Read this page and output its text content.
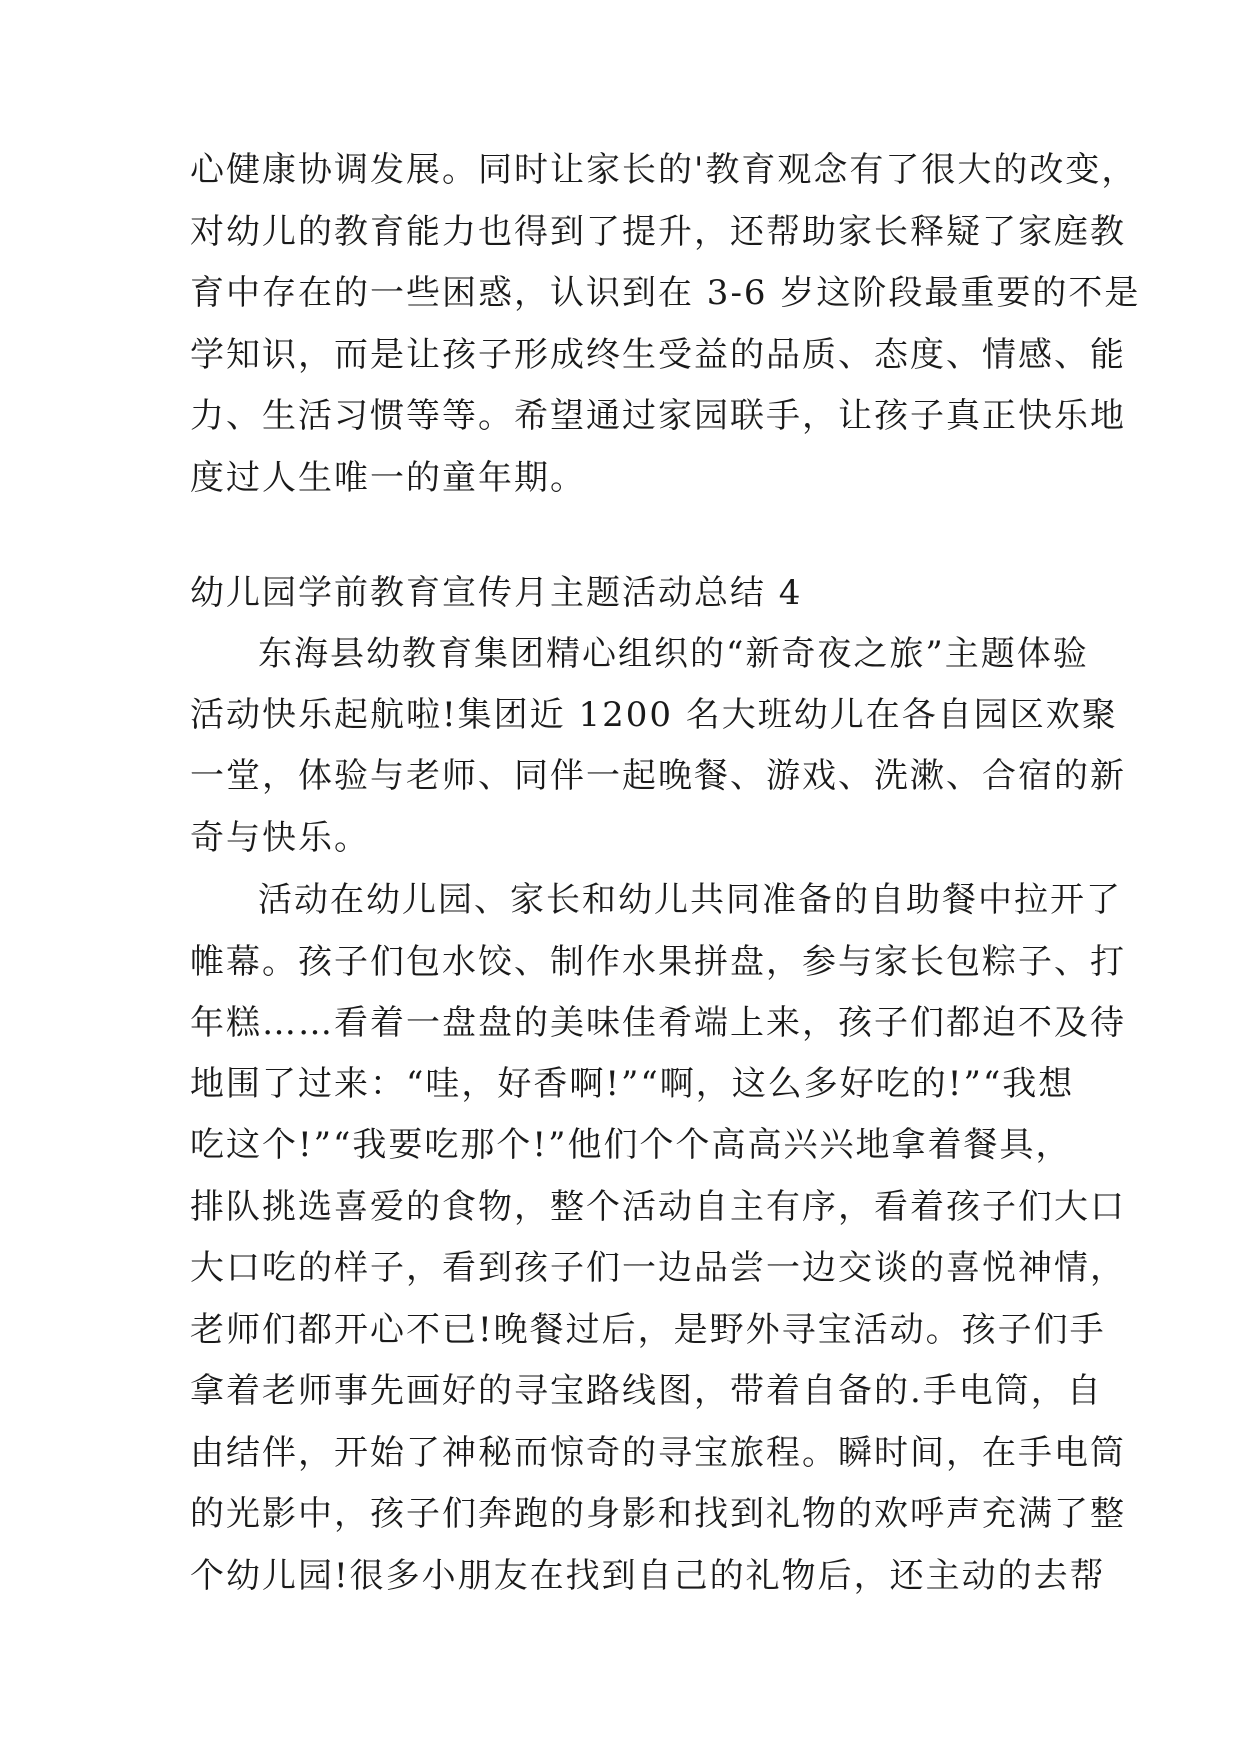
心健康协调发展。同时让家长的'教育观念有了很大的改变，
对幼儿的教育能力也得到了提升，还帮助家长释疑了家庭教
育中存在的一些困惑，认识到在 3-6 岁这阶段最重要的不是
学知识，而是让孩子形成终生受益的品质、态度、情感、能
力、生活习惯等等。希望通过家园联手，让孩子真正快乐地
度过人生唯一的童年期。
幼儿园学前教育宣传月主题活动总结 4
东海县幼教育集团精心组织的“新奇夜之旅”主题体验
活动快乐起航啦!集团近 1200 名大班幼儿在各自园区欢聚
一堂，体验与老师、同伴一起晚餐、游戏、洗漱、合宿的新
奇与快乐。
活动在幼儿园、家长和幼儿共同准备的自助餐中拉开了
帷幕。孩子们包水饺、制作水果拼盘，参与家长包粽子、打
年糕……看着一盘盘的美味佳肴端上来，孩子们都迫不及待
地围了过来：“哇，好香啊!”“啊，这么多好吃的!”“我想
吃这个!”“我要吃那个!”他们个个高高兴兴地拿着餐具，
排队挑选喜爱的食物，整个活动自主有序，看着孩子们大口
大口吃的样子，看到孩子们一边品尝一边交谈的喜悦神情，
老师们都开心不已!晚餐过后，是野外寻宝活动。孩子们手
拿着老师事先画好的寻宝路线图，带着自备的.手电筒，自
由结伴，开始了神秘而惊奇的寻宝旅程。瞬时间，在手电筒
的光影中，孩子们奔跑的身影和找到礼物的欢呼声充满了整
个幼儿园!很多小朋友在找到自己的礼物后，还主动的去帮
